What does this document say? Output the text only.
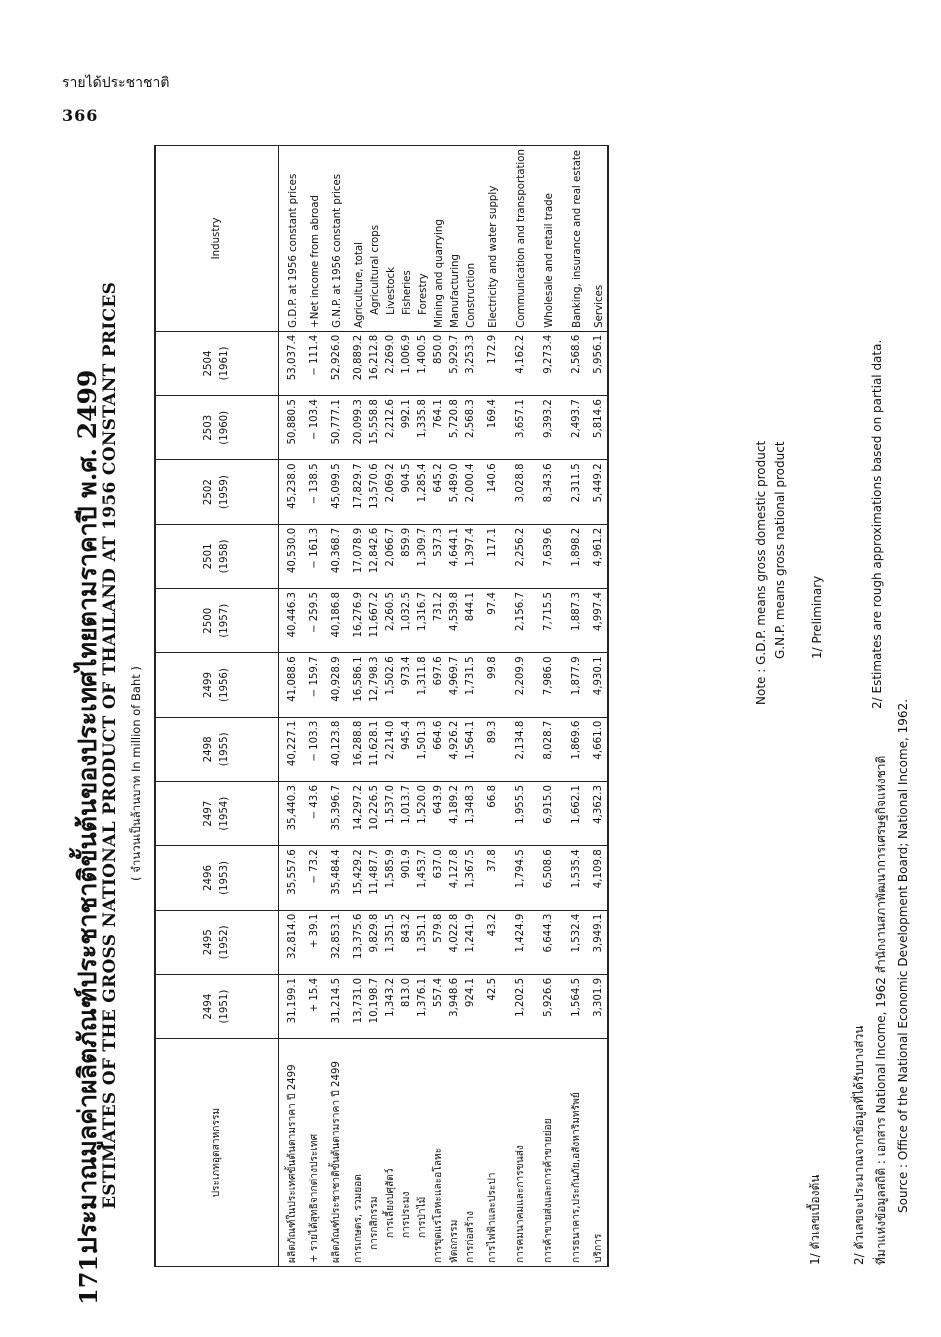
รายได้ประชาชาติ
366
171.
ประมาณมูลค่าผลิตภัณฑ์ประชาชาติขั้นต้นของประเทศไทยตามราคาปี พ.ศ. 2499
ESTIMATES OF THE GROSS NATIONAL PRODUCT OF THAILAND AT 1956 CONSTANT PRICES ( จำนวนเป็นล้านบาท In million of Baht )
ประเภทอุตสาหกรรม	2494 (1951)	2495 (1952)	2496 (1953)	2497 (1954)	2498 (1955)	2499 (1956)	2500 (1957)	2501 (1958)	2502 (1959)	2503 (1960)	2504 (1961)	Industry
ผลิตภัณฑ์ในประเทศขั้นต้นตามราคา ปี 2499	31,199.1	32,814.0	35,557.6	35,440.3	40,227.1	41,088.6	40,446.3	40,530.0	45,238.0	50,880.5	53,037.4	G.D.P. at 1956 constant prices
+ รายได้สุทธิจากต่างประเทศ	+ 15.4	+ 39.1	− 73.2	− 43.6	− 103.3	− 159.7	− 259.5	− 161.3	− 138.5	− 103.4	− 111.4	+Net income from abroad
ผลิตภัณฑ์ประชาชาติขั้นต้นตามราคา ปี 2499	31,214.5	32,853.1	35,484.4	35,396.7	40,123.8	40,928.9	40,186.8	40,368.7	45,099.5	50,777.1	52,926.0	G.N.P. at 1956 constant prices
การเกษตร, รวมยอด	13,731.0	13,375.6	15,429.2	14,297.2	16,288.8	16,586.1	16,276.9	17,078.9	17,829.7	20,099.3	20,889.2	Agriculture, total
การกสิกรรม	10,198.7	9,829.8	11,487.7	10,226.5	11,628.1	12,798.3	11,667.2	12,842.6	13,570.6	15,558.8	16,212.8	Agricultural crops
การเลี้ยงปศุสัตว์	1,343.2	1,351.5	1,585.9	1,537.0	2,214.0	1,502.6	2,260.5	2,066.7	2,069.2	2,212.6	2,269.0	Livestock
การประมง	813.0	843.2	901.9	1,013.7	945.4	973.4	1,032.5	859.9	904.5	992.1	1,006.9	Fisheries
การป่าไม้	1,376.1	1,351.1	1,453.7	1,520.0	1,501.3	1,311.8	1,316.7	1,309.7	1,285.4	1,335.8	1,400.5	Forestry
การขุดแร่โลหะและอโลหะ	557.4	579.8	637.0	643.9	664.6	697.6	731.2	537.3	645.2	764.1	850.0	Mining and quarrying
หัตถกรรม	3,948.6	4,022.8	4,127.8	4,189.2	4,926.2	4,969.7	4,539.8	4,644.1	5,489.0	5,720.8	5,929.7	Manufacturing
การก่อสร้าง	924.1	1,241.9	1,367.5	1,348.3	1,564.1	1,731.5	844.1	1,397.4	2,000.4	2,568.3	3,253.3	Construction
การไฟฟ้าและประปา	42.5	43.2	37.8	66.8	89.3	99.8	97.4	117.1	140.6	169.4	172.9	Electricity and water supply
การคมนาคมและการขนส่ง	1,202.5	1,424.9	1,794.5	1,955.5	2,134.8	2,209.9	2,156.7	2,256.2	3,028.8	3,657.1	4,162.2	Communication and transportation
การค้าขายส่งและการค้าขายย่อย	5,926.6	6,644.3	6,508.6	6,915.0	8,028.7	7,986.0	7,715.5	7,639.6	8,343.6	9,393.2	9,273.4	Wholesale and retail trade
การธนาคาร,ประกันภัย,อสังหาริมทรัพย์	1,564.5	1,532.4	1,535.4	1,662.1	1,869.6	1,877.9	1,887.3	1,898.2	2,311.5	2,493.7	2,568.6	Banking, insurance and real estate
บริการ	3,301.9	3,949.1	4,109.8	4,362.3	4,661.0	4,930.1	4,997.4	4,961.2	5,449.2	5,814.6	5,956.1	Services
Note : G.D.P. means gross domestic product G.N.P. means gross national product
1/ ตัวเลขเบื้องต้น
1/ Preliminary
2/ ตัวเลขจะประมาณจากข้อมูลที่ได้รับบางส่วน ที่มาแห่งข้อมูลสถิติ : เอกสาร National Income, 1962 สำนักงานสภาพัฒนาการเศรษฐกิจแห่งชาติ Source : Office of the National Economic Development Board; National Income, 1962.
2/ Estimates are rough approximations based on partial data.
